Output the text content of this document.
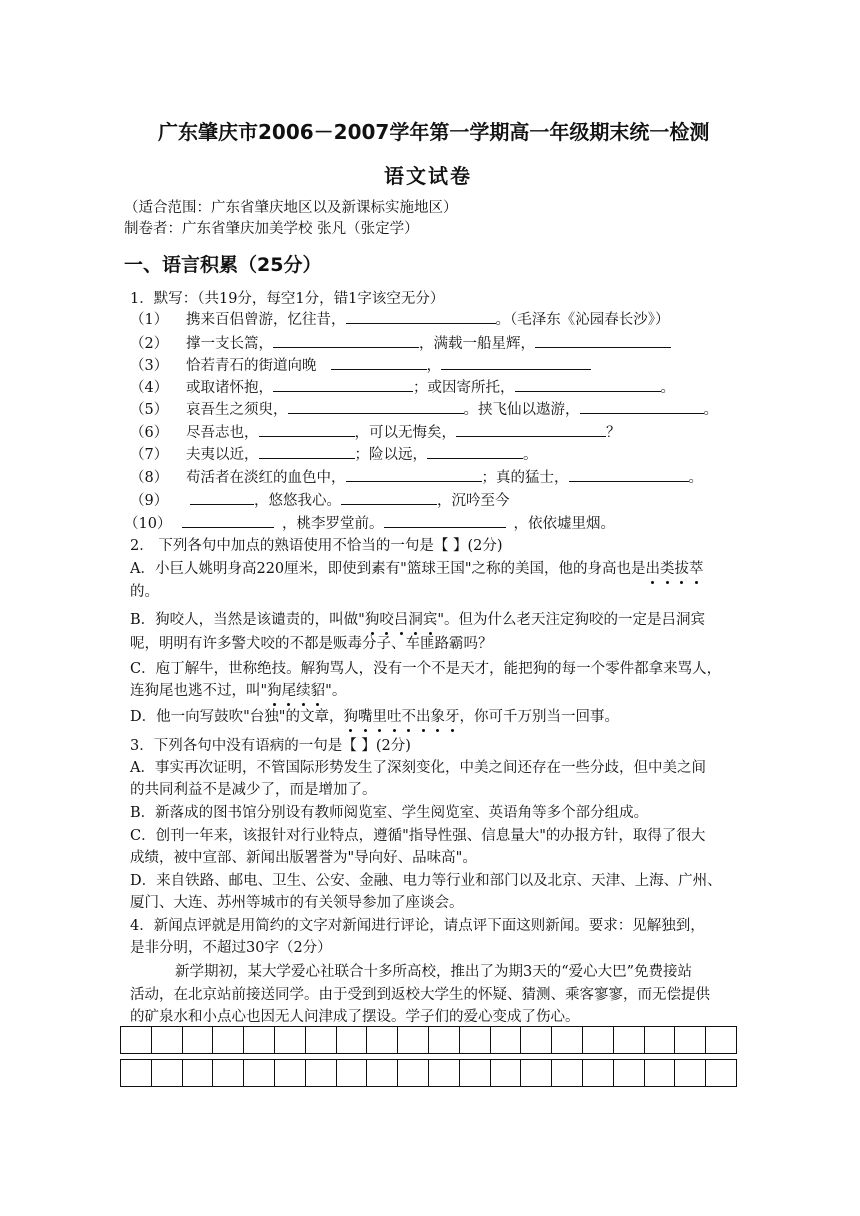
广东肇庆市2006－2007学年第一学期高一年级期末统一检测
语文试卷
（适合范围：广东省肇庆地区以及新课标实施地区）
制卷者：广东省肇庆加美学校 张凡（张定学）
一、语言积累（25分）
1．默写：（共19分，每空1分，错1字该空无分）
（1） 携来百侣曾游，忆往昔，	。（毛泽东《沁园春长沙》）
（2） 撑一支长篙，	，满载一船星辉，
（3） 恰若青石的街道向晚	，
（4） 或取诸怀抱，	；或因寄所托，	。
（5） 哀吾生之须臾，	。挟飞仙以遨游，	。
（6） 尽吾志也，	，可以无悔矣，	？
（7） 夫夷以近，	；险以远，	。
（8） 苟活者在淡红的血色中，	；真的猛士，	。
（9）	，悠悠我心。	，沉吟至今
（10）	，桃李罗堂前。	，依依墟里烟。
2． 下列各句中加点的熟语使用不恰当的一句是【 】(2分)
A．小巨人姚明身高220厘米，即使到素有"篮球王国"之称的美国，他的身高也是出类拔萃
的。
B．狗咬人，当然是该谴责的，叫做"狗咬吕洞宾"。但为什么老天注定狗咬的一定是吕洞宾
呢，明明有许多警犬咬的不都是贩毒分子、车匪路霸吗？
C．庖丁解牛，世称绝技。解狗骂人，没有一个不是天才，能把狗的每一个零件都拿来骂人，
连狗尾也逃不过，叫"狗尾续貂"。
D．他一向写鼓吹"台独"的文章，狗嘴里吐不出象牙，你可千万别当一回事。
3．下列各句中没有语病的一句是【 】(2分)
A．事实再次证明，不管国际形势发生了深刻变化，中美之间还存在一些分歧，但中美之间
的共同利益不是减少了，而是增加了。
B．新落成的图书馆分别设有教师阅览室、学生阅览室、英语角等多个部分组成。
C．创刊一年来，该报针对行业特点，遵循"指导性强、信息量大"的办报方针，取得了很大
成绩，被中宣部、新闻出版署誉为"导向好、品味高"。
D．来自铁路、邮电、卫生、公安、金融、电力等行业和部门以及北京、天津、上海、广州、
厦门、大连、苏州等城市的有关领导参加了座谈会。
4．新闻点评就是用简约的文字对新闻进行评论，请点评下面这则新闻。要求：见解独到，
是非分明，不超过30字（2分）
新学期初，某大学爱心社联合十多所高校，推出了为期3天的“爱心大巴”免费接站
活动，在北京站前接送同学。由于受到到返校大学生的怀疑、猜测、乘客寥寥，而无偿提供
的矿泉水和小点心也因无人问津成了摆设。学子们的爱心变成了伤心。
